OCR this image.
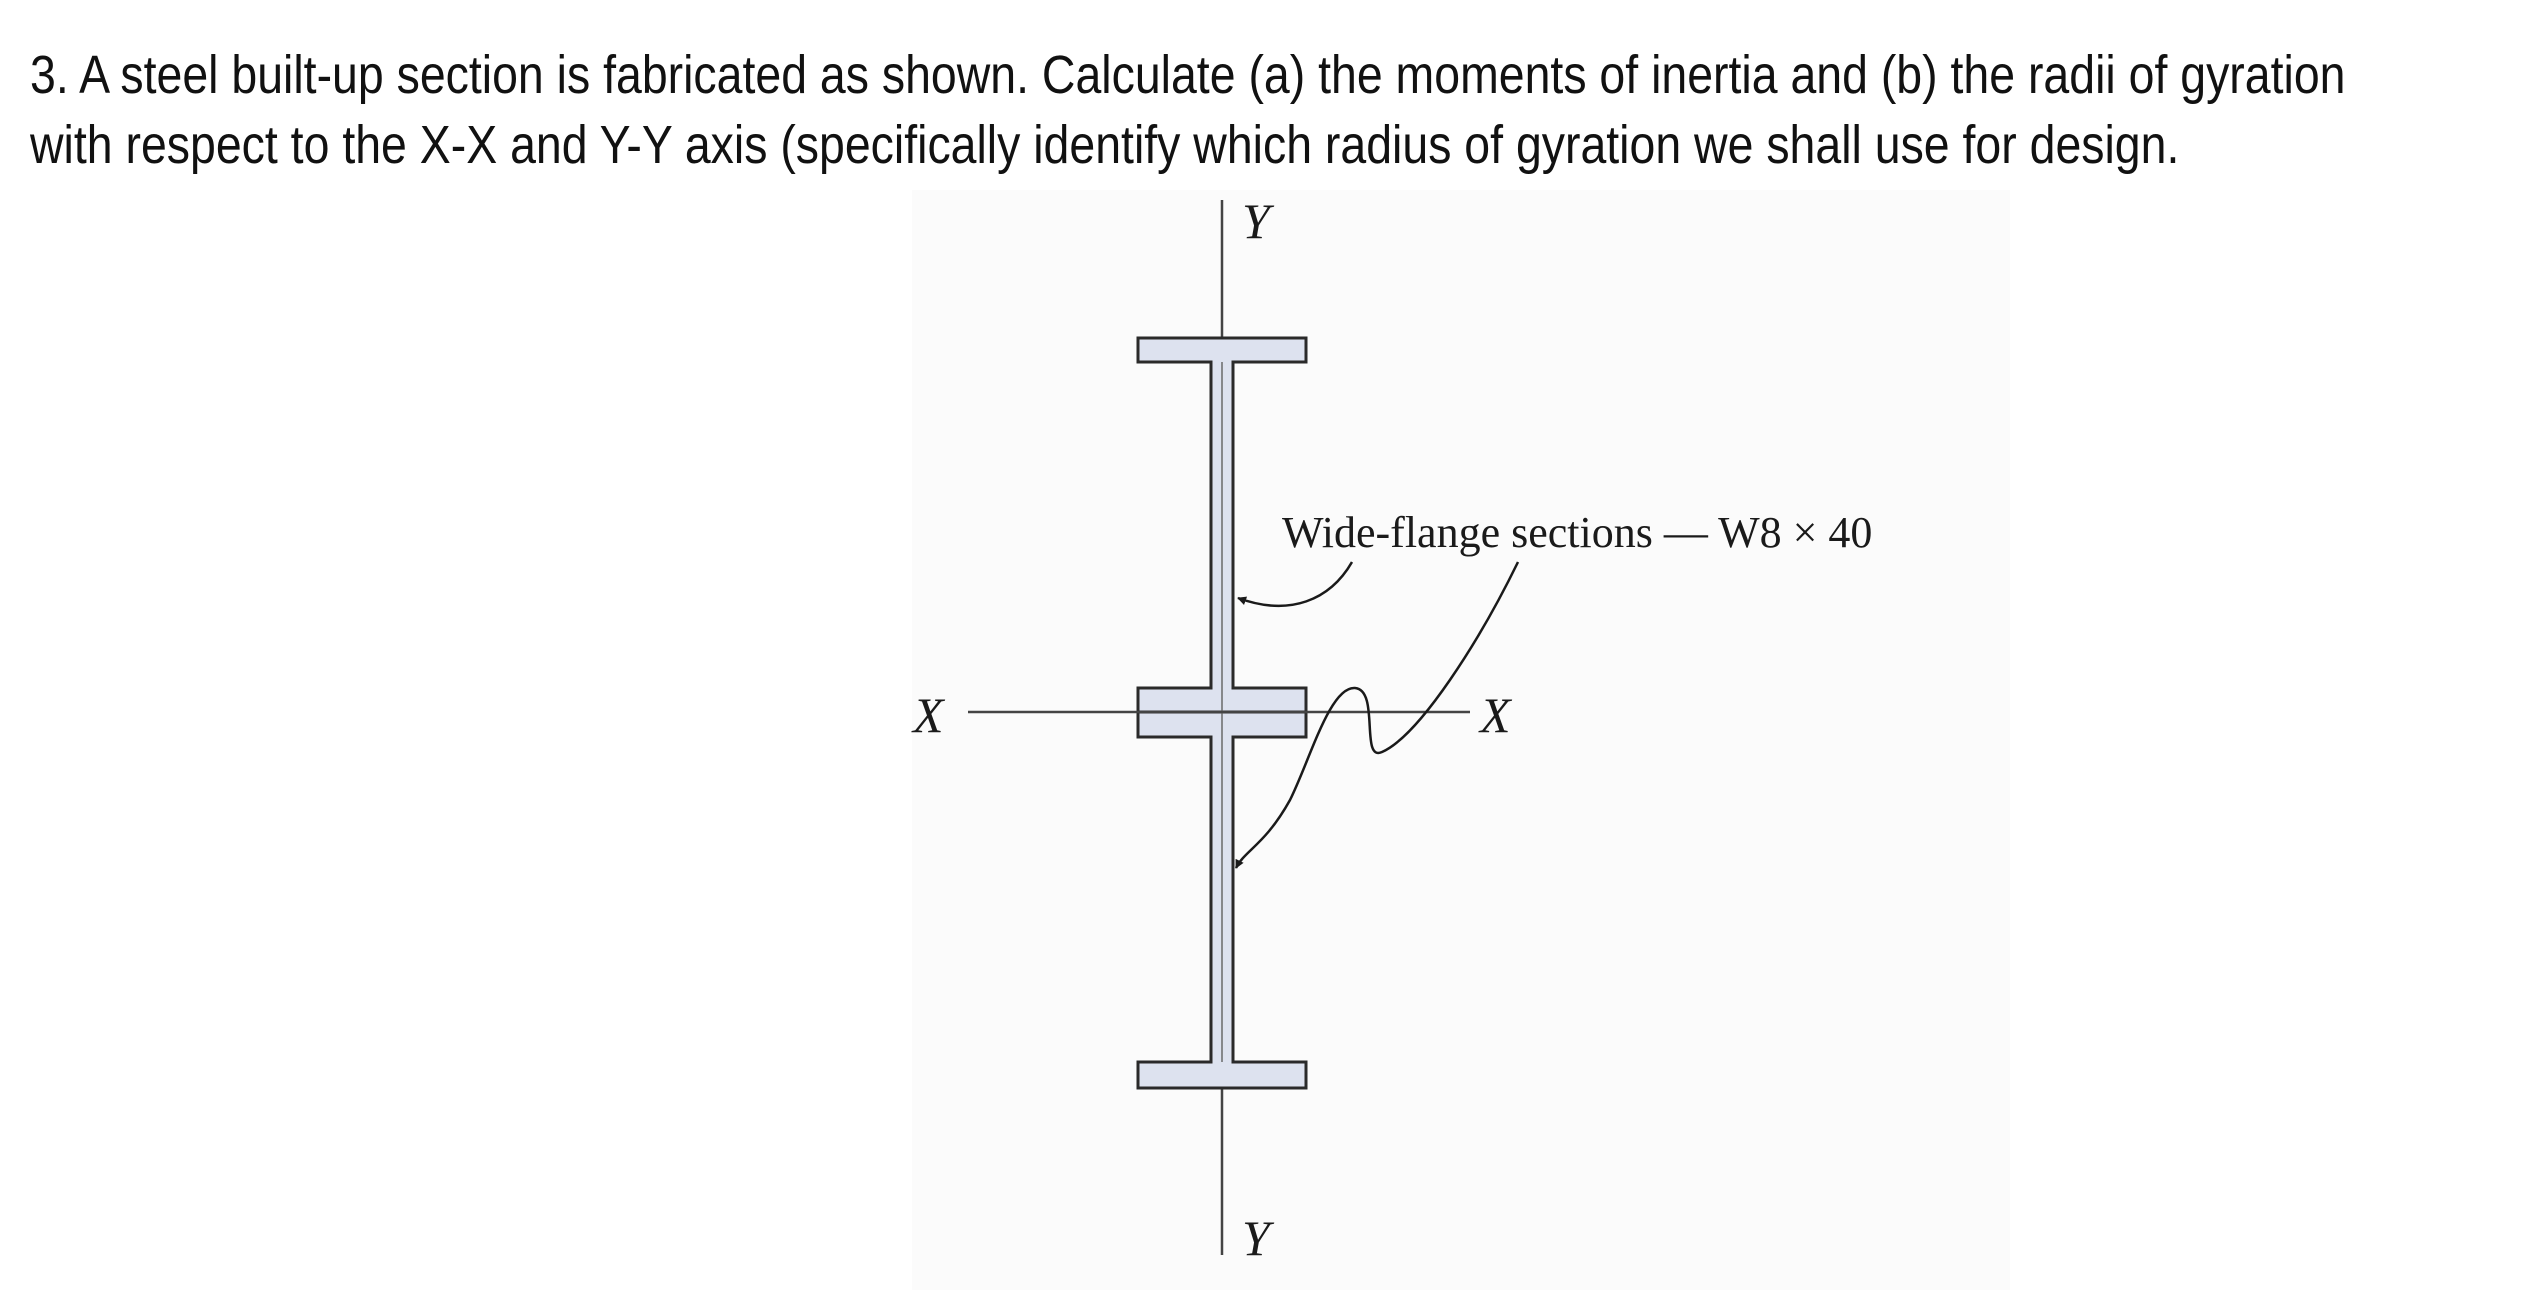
3. A steel built-up section is fabricated as shown. Calculate (a) the moments of inertia and (b) the radii of gyration
with respect to the X-X and Y-Y axis (specifically identify which radius of gyration we shall use for design.

Y
Y
X	X
Wide-flange sections — W8 × 40
